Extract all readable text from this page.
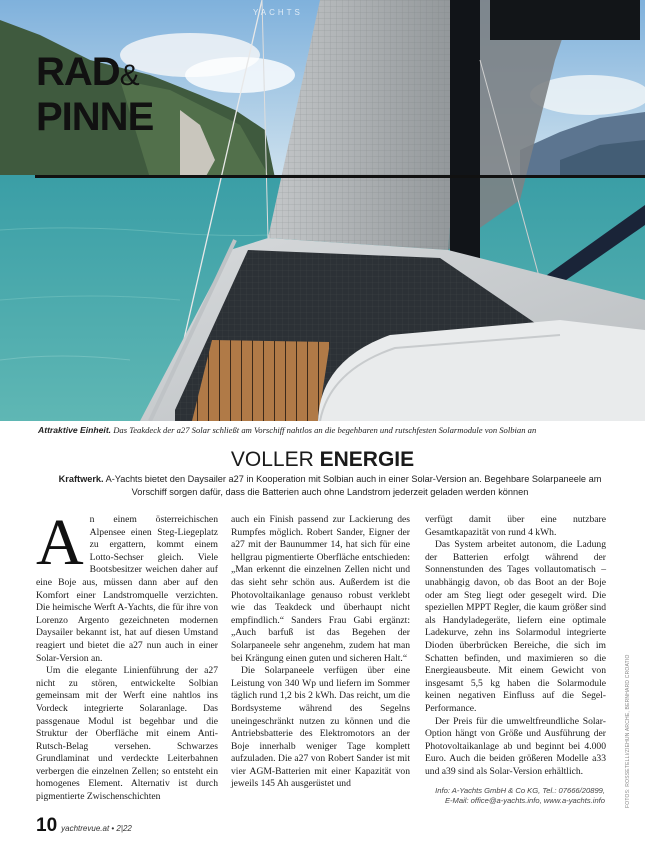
YACHTS
RAD&
PINNE
Attraktive Einheit. Das Teakdeck der a27 Solar schließt am Vorschiff nahtlos an die begehbaren und rutschfesten Solarmodule von Solbian an
VOLLER ENERGIE
Kraftwerk. A-Yachts bietet den Daysailer a27 in Kooperation mit Solbian auch in einer Solar-Version an. Begehbare Solarpaneele am Vorschiff sorgen dafür, dass die Batterien auch ohne Landstrom jederzeit geladen werden können

An einem österreichischen Alpensee einen Steg-Liegeplatz zu ergattern, kommt einem Lotto-Sechser gleich. Viele Bootsbesitzer weichen daher auf eine Boje aus, müssen dann aber auf den Komfort einer Landstromquelle verzichten. Die heimische Werft A-Yachts, die für ihre von Lorenzo Argento gezeichneten modernen Daysailer bekannt ist, hat auf diesen Umstand reagiert und bietet die a27 nun auch in einer Solar-Version an.

Um die elegante Linienführung der a27 nicht zu stören, entwickelte Solbian gemeinsam mit der Werft eine nahtlos ins Vordeck integrierte Solaranlage. Das passgenaue Modul ist begehbar und die Struktur der Oberfläche mit einem Anti-Rutsch-Belag versehen. Schwarzes Grundlaminat und verdeckte Leiterbahnen verbergen die einzelnen Zellen; so entsteht ein homogenes Element. Alternativ ist durch pigmentierte Zwischenschichten

auch ein Finish passend zur Lackierung des Rumpfes möglich. Robert Sander, Eigner der a27 mit der Baunummer 14, hat sich für eine hellgrau pigmentierte Oberfläche entschieden: „Man erkennt die einzelnen Zellen nicht und das sieht sehr schön aus. Außerdem ist die Photovoltaikanlage genauso robust verklebt wie das Teakdeck und überhaupt nicht empfindlich.“ Sanders Frau Gabi ergänzt: „Auch barfuß ist das Begehen der Solarpaneele sehr angenehm, zudem hat man bei Krängung einen guten und sicheren Halt.“

Die Solarpaneele verfügen über eine Leistung von 340 Wp und liefern im Sommer täglich rund 1,2 bis 2 kWh. Das reicht, um die Bordsysteme während des Segelns uneingeschränkt nutzen zu können und die Antriebsbatterie des Elektromotors an der Boje innerhalb weniger Tage komplett aufzuladen. Die a27 von Robert Sander ist mit vier AGM-Batterien mit einer Kapazität von jeweils 145 Ah ausgerüstet und

verfügt damit über eine nutzbare Gesamtkapazität von rund 4 kWh.

Das System arbeitet autonom, die Ladung der Batterien erfolgt während der Sonnenstunden des Tages vollautomatisch – unabhängig davon, ob das Boot an der Boje oder am Steg liegt oder gesegelt wird. Die speziellen MPPT Regler, die kaum größer sind als Handyladegeräte, liefern eine optimale Ladekurve, zehn ins Solarmodul integrierte Dioden überbrücken Bereiche, die sich im Schatten befinden, und maximieren so die Energieausbeute. Mit einem Gewicht von insgesamt 5,5 kg haben die Solarmodule keinen negativen Einfluss auf die Segel-Performance.

Der Preis für die umweltfreundliche Solar-Option hängt von Größe und Ausführung der Photovoltaikanlage ab und beginnt bei 4.000 Euro. Auch die beiden größeren Modelle a33 und a39 sind als Solar-Version erhältlich.

Info: A-Yachts GmbH & Co KG, Tel.: 07666/20899,
E-Mail: office@a-yachts.info, www.a-yachts.info	FOTOS: ROSSETELLI/ZIEHUN ARCHE, BERNHARD CROATIO
10 yachtrevue.at • 2|22
